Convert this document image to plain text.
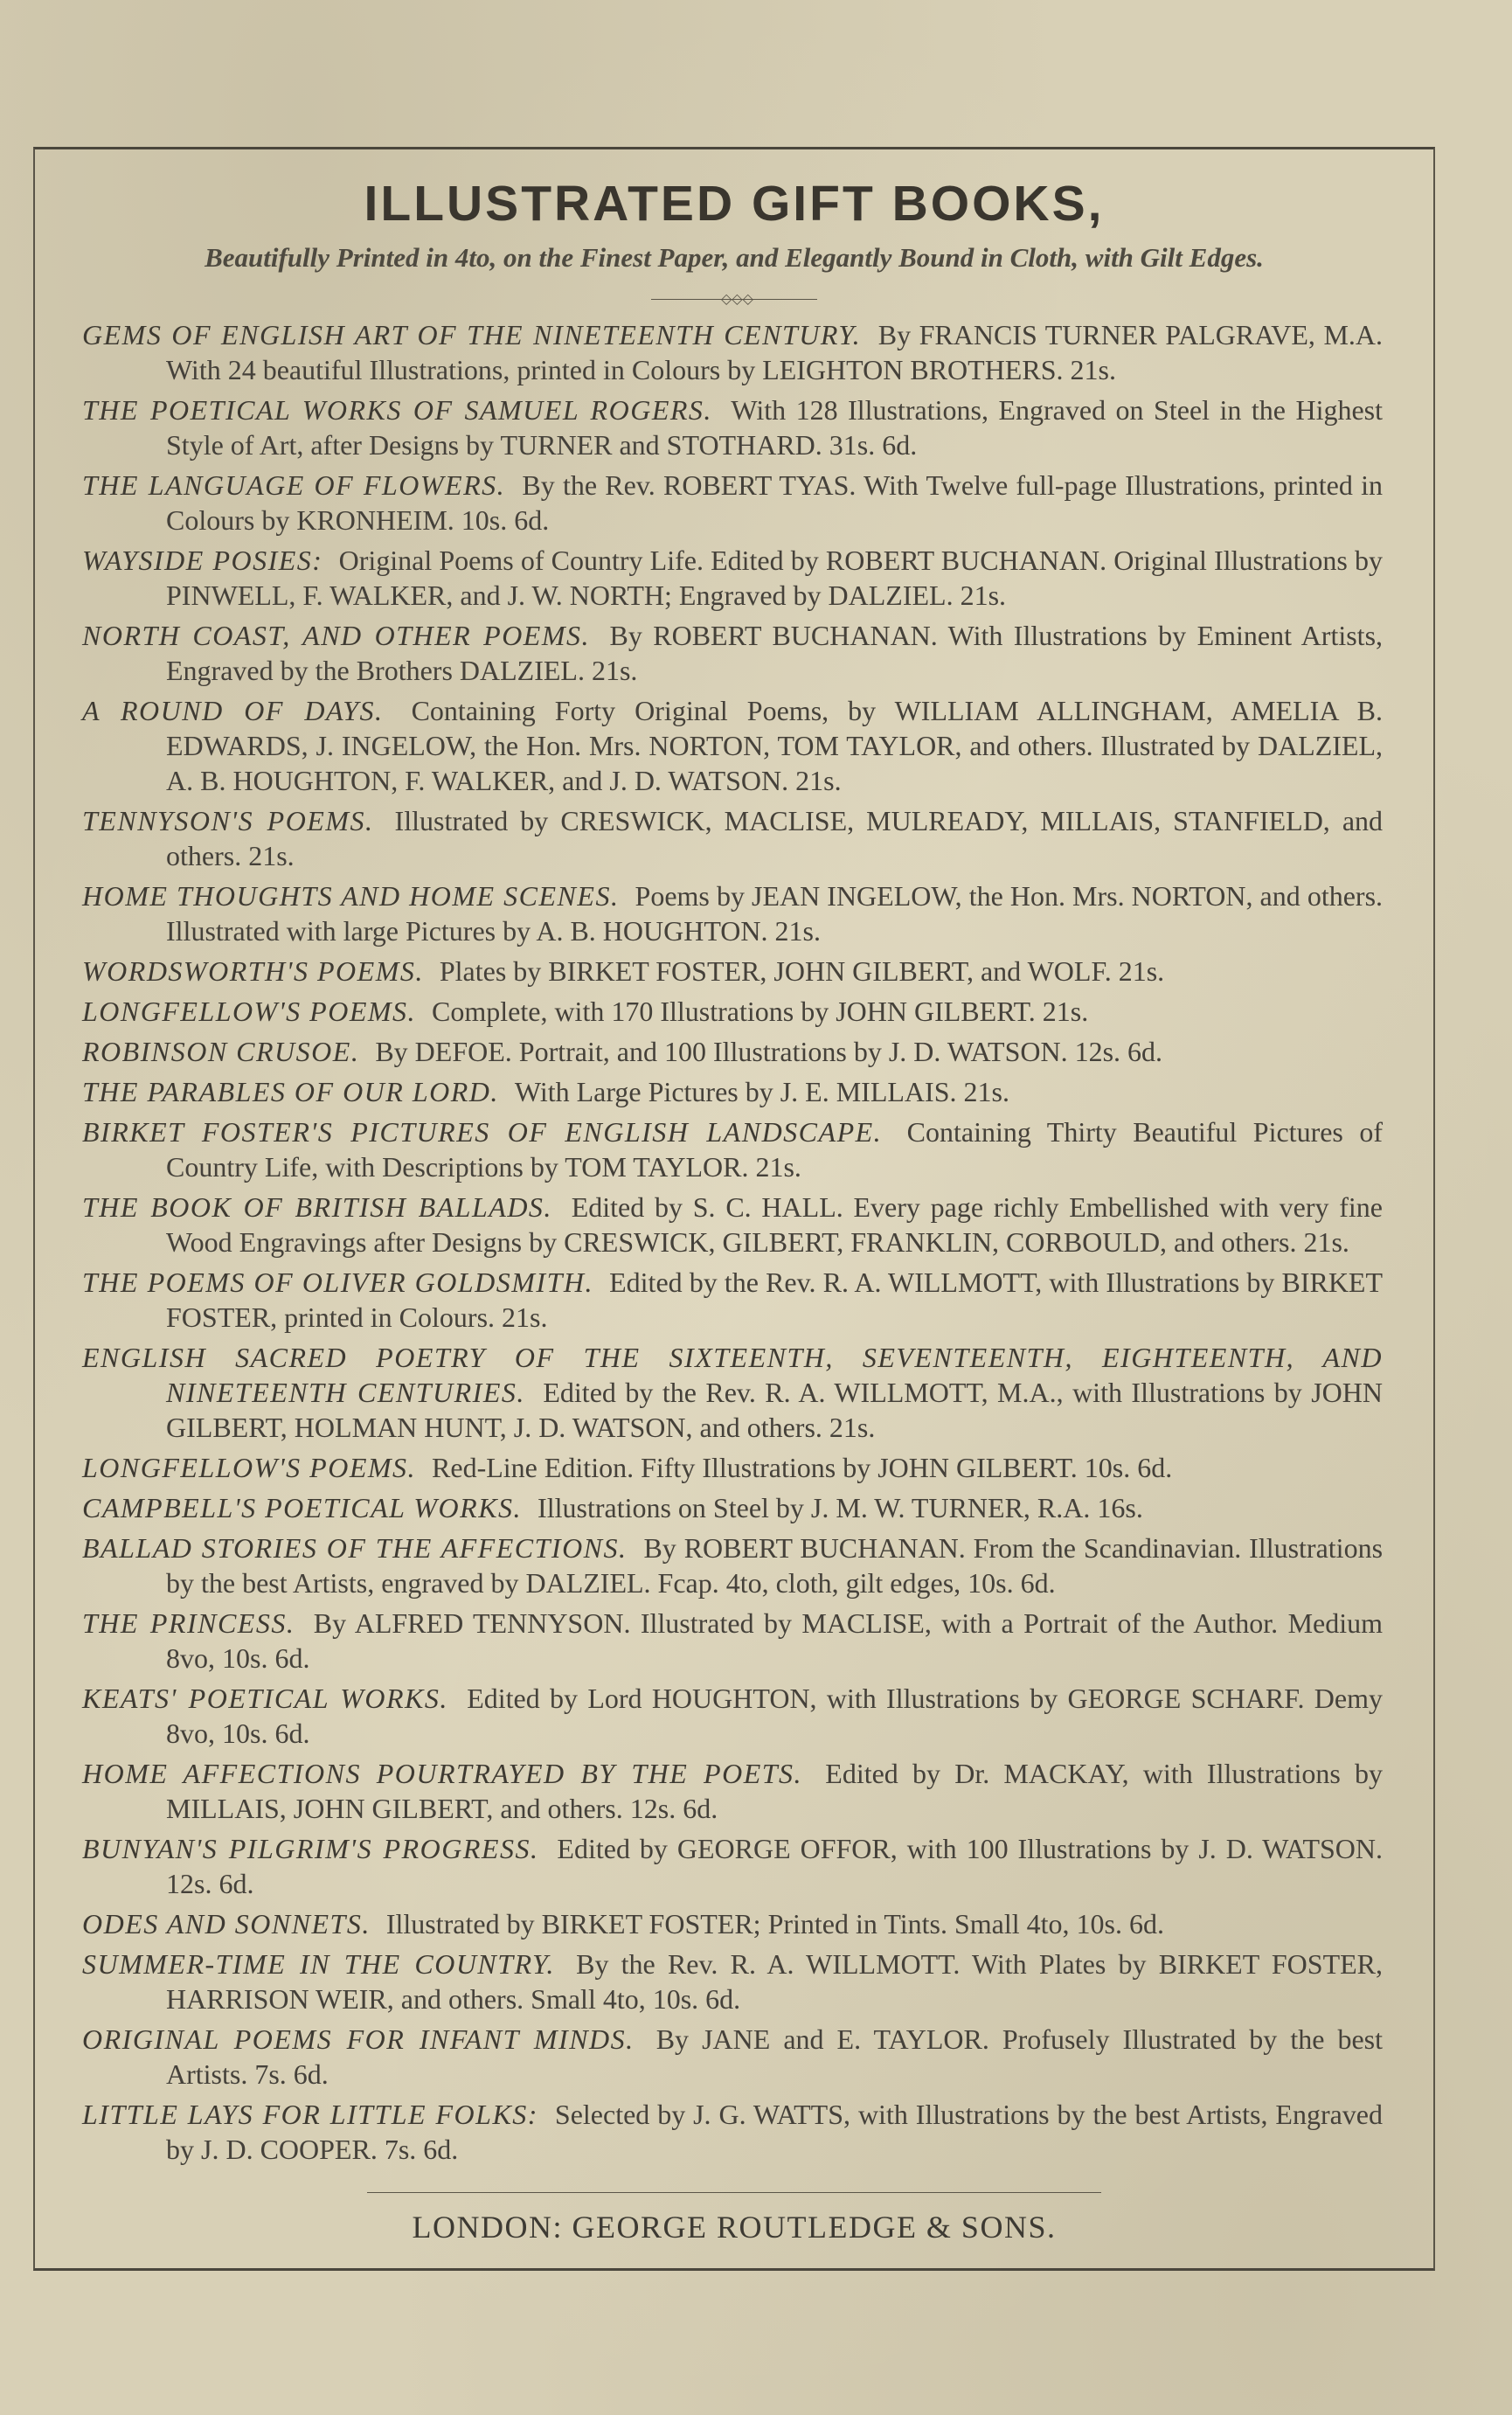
ILLUSTRATED GIFT BOOKS,
Beautifully Printed in 4to, on the Finest Paper, and Elegantly Bound in Cloth, with Gilt Edges.
◇◇◇
GEMS OF ENGLISH ART OF THE NINETEENTH CENTURY. By FRANCIS TURNER PALGRAVE, M.A. With 24 beautiful Illustrations, printed in Colours by LEIGHTON BROTHERS. 21s.
THE POETICAL WORKS OF SAMUEL ROGERS. With 128 Illustrations, Engraved on Steel in the Highest Style of Art, after Designs by TURNER and STOTHARD. 31s. 6d.
THE LANGUAGE OF FLOWERS. By the Rev. ROBERT TYAS. With Twelve full-page Illustrations, printed in Colours by KRONHEIM. 10s. 6d.
WAYSIDE POSIES: Original Poems of Country Life. Edited by ROBERT BUCHANAN. Original Illustrations by PINWELL, F. WALKER, and J. W. NORTH; Engraved by DALZIEL. 21s.
NORTH COAST, AND OTHER POEMS. By ROBERT BUCHANAN. With Illustrations by Eminent Artists, Engraved by the Brothers DALZIEL. 21s.
A ROUND OF DAYS. Containing Forty Original Poems, by WILLIAM ALLINGHAM, AMELIA B. EDWARDS, J. INGELOW, the Hon. Mrs. NORTON, TOM TAYLOR, and others. Illustrated by DALZIEL, A. B. HOUGHTON, F. WALKER, and J. D. WATSON. 21s.
TENNYSON'S POEMS. Illustrated by CRESWICK, MACLISE, MULREADY, MILLAIS, STANFIELD, and others. 21s.
HOME THOUGHTS AND HOME SCENES. Poems by JEAN INGELOW, the Hon. Mrs. NORTON, and others. Illustrated with large Pictures by A. B. HOUGHTON. 21s.
WORDSWORTH'S POEMS. Plates by BIRKET FOSTER, JOHN GILBERT, and WOLF. 21s.
LONGFELLOW'S POEMS. Complete, with 170 Illustrations by JOHN GILBERT. 21s.
ROBINSON CRUSOE. By DEFOE. Portrait, and 100 Illustrations by J. D. WATSON. 12s. 6d.
THE PARABLES OF OUR LORD. With Large Pictures by J. E. MILLAIS. 21s.
BIRKET FOSTER'S PICTURES OF ENGLISH LANDSCAPE. Containing Thirty Beautiful Pictures of Country Life, with Descriptions by TOM TAYLOR. 21s.
THE BOOK OF BRITISH BALLADS. Edited by S. C. HALL. Every page richly Embellished with very fine Wood Engravings after Designs by CRESWICK, GILBERT, FRANKLIN, CORBOULD, and others. 21s.
THE POEMS OF OLIVER GOLDSMITH. Edited by the Rev. R. A. WILLMOTT, with Illustrations by BIRKET FOSTER, printed in Colours. 21s.
ENGLISH SACRED POETRY OF THE SIXTEENTH, SEVENTEENTH, EIGHTEENTH, AND NINETEENTH CENTURIES. Edited by the Rev. R. A. WILLMOTT, M.A., with Illustrations by JOHN GILBERT, HOLMAN HUNT, J. D. WATSON, and others. 21s.
LONGFELLOW'S POEMS. Red-Line Edition. Fifty Illustrations by JOHN GILBERT. 10s. 6d.
CAMPBELL'S POETICAL WORKS. Illustrations on Steel by J. M. W. TURNER, R.A. 16s.
BALLAD STORIES OF THE AFFECTIONS. By ROBERT BUCHANAN. From the Scandinavian. Illustrations by the best Artists, engraved by DALZIEL. Fcap. 4to, cloth, gilt edges, 10s. 6d.
THE PRINCESS. By ALFRED TENNYSON. Illustrated by MACLISE, with a Portrait of the Author. Medium 8vo, 10s. 6d.
KEATS' POETICAL WORKS. Edited by Lord HOUGHTON, with Illustrations by GEORGE SCHARF. Demy 8vo, 10s. 6d.
HOME AFFECTIONS POURTRAYED BY THE POETS. Edited by Dr. MACKAY, with Illustrations by MILLAIS, JOHN GILBERT, and others. 12s. 6d.
BUNYAN'S PILGRIM'S PROGRESS. Edited by GEORGE OFFOR, with 100 Illustrations by J. D. WATSON. 12s. 6d.
ODES AND SONNETS. Illustrated by BIRKET FOSTER; Printed in Tints. Small 4to, 10s. 6d.
SUMMER-TIME IN THE COUNTRY. By the Rev. R. A. WILLMOTT. With Plates by BIRKET FOSTER, HARRISON WEIR, and others. Small 4to, 10s. 6d.
ORIGINAL POEMS FOR INFANT MINDS. By JANE and E. TAYLOR. Profusely Illustrated by the best Artists. 7s. 6d.
LITTLE LAYS FOR LITTLE FOLKS: Selected by J. G. WATTS, with Illustrations by the best Artists, Engraved by J. D. COOPER. 7s. 6d.
LONDON: GEORGE ROUTLEDGE & SONS.
